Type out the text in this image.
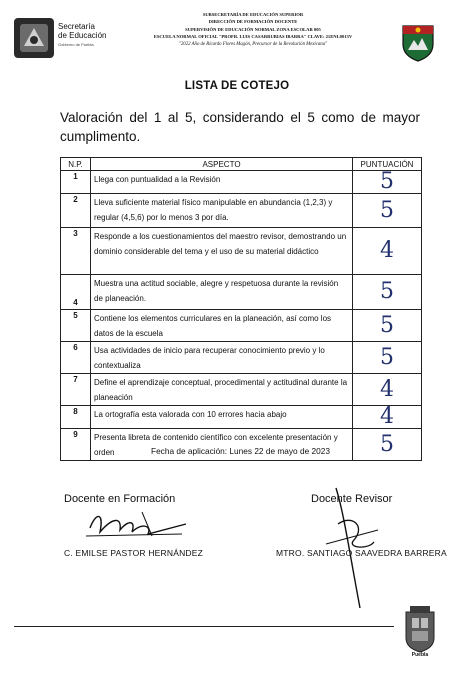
Secretaría
de Educación
Gobierno de Puebla
SUBSECRETARÍA DE EDUCACIÓN SUPERIOR
DIRECCIÓN DE FORMACIÓN DOCENTE
SUPERVISIÓN DE EDUCACIÓN NORMAL ZONA ESCOLAR 005
ESCUELA NORMAL OFICIAL "PROFR. LUIS CASARRUBIAS IBARRA" CLAVE: 21ENL0013V
"2022 Año de Ricardo Flores Magón, Precursor de la Revolución Mexicana"
LISTA DE COTEJO
Valoración del 1 al 5, considerando el 5 como de mayor cumplimento.
N.P.	ASPECTO	PUNTUACIÓN
1	Llega con puntualidad a la Revisión	5
2	Lleva suficiente material físico manipulable en abundancia (1,2,3) y regular (4,5,6) por lo menos 3 por día.	5
3	Responde a los cuestionamientos del maestro revisor, demostrando un dominio considerable del tema y el uso de su material didáctico	4
4	Muestra una actitud sociable, alegre y respetuosa durante la revisión de planeación.	5
5	Contiene los elementos curriculares en la planeación, así como los datos de la escuela	5
6	Usa actividades de inicio para recuperar conocimiento previo y lo contextualiza	5
7	Define el aprendizaje conceptual, procedimental y actitudinal durante la planeación	4
8	La ortografía esta valorada con 10 errores hacia abajo	4
9	Presenta libreta de contenido científico con excelente presentación y orden	5
Fecha de aplicación: Lunes 22 de mayo de 2023
Docente en Formación
C. EMILSE PASTOR HERNÁNDEZ
Docente Revisor
MTRO. SANTIAGO SAAVEDRA BARRERA
Puebla
